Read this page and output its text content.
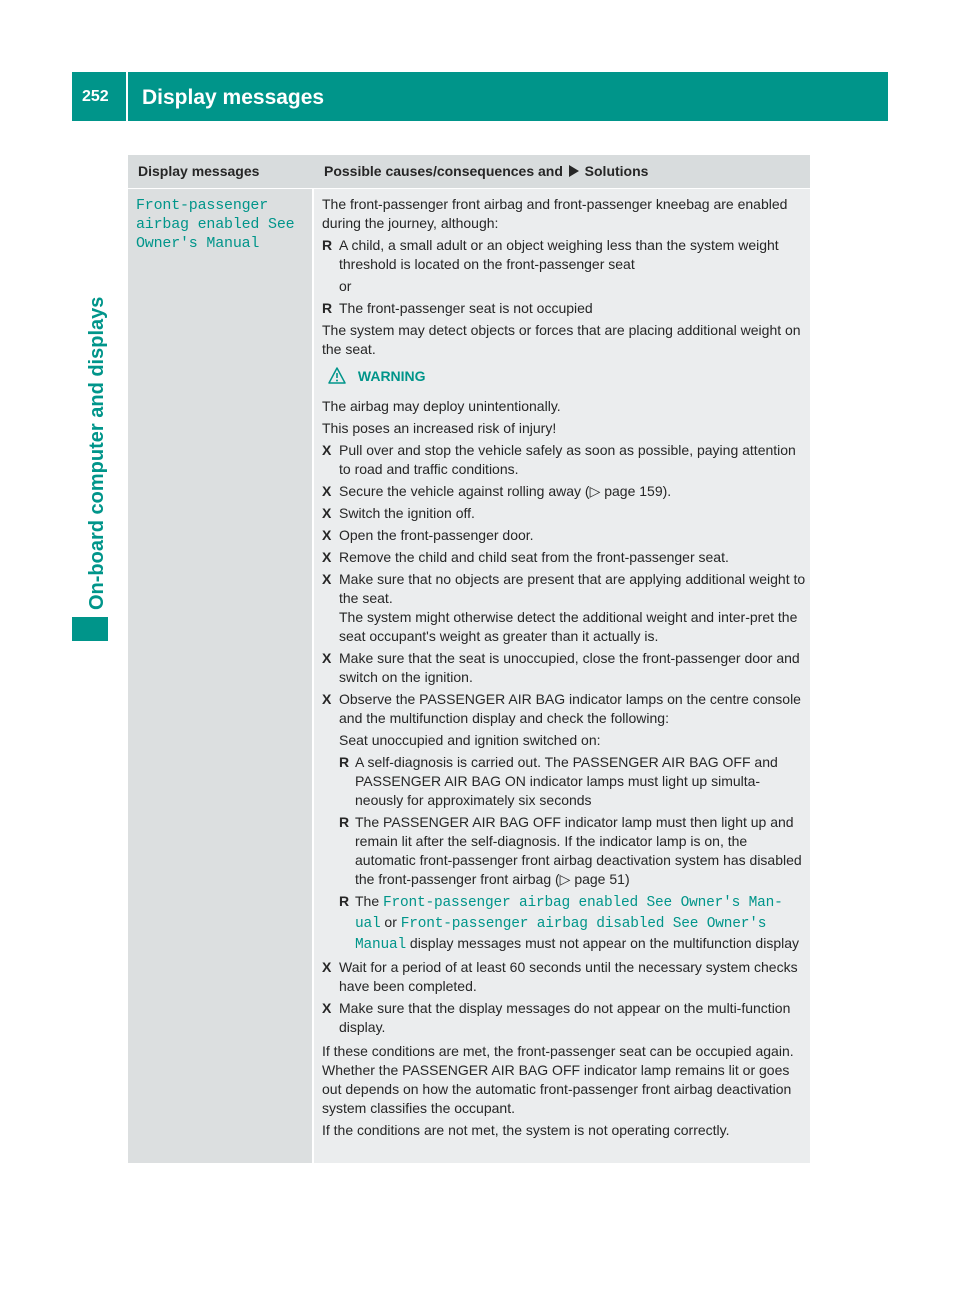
252 Display messages
On-board computer and displays
Display messages	Possible causes/consequences and Solutions
Front-passenger
airbag enabled See
Owner's Manual

The front-passenger front airbag and front-passenger kneebag are enabled during the journey, although:

R A child, a small adult or an object weighing less than the system weight threshold is located on the front-passenger seat
or
R The front-passenger seat is not occupied

The system may detect objects or forces that are placing additional weight on the seat.

WARNING

The airbag may deploy unintentionally.

This poses an increased risk of injury!

X Pull over and stop the vehicle safely as soon as possible, paying attention to road and traffic conditions.
X Secure the vehicle against rolling away (▷ page 159).
X Switch the ignition off.
X Open the front-passenger door.
X Remove the child and child seat from the front-passenger seat.
X Make sure that no objects are present that are applying additional weight to the seat.
The system might otherwise detect the additional weight and inter-pret the seat occupant's weight as greater than it actually is.
X Make sure that the seat is unoccupied, close the front-passenger door and switch on the ignition.
X Observe the PASSENGER AIR BAG indicator lamps on the centre console and the multifunction display and check the following:

Seat unoccupied and ignition switched on:

R A self-diagnosis is carried out. The PASSENGER AIR BAG OFF and PASSENGER AIR BAG ON indicator lamps must light up simulta-neously for approximately six seconds
R The PASSENGER AIR BAG OFF indicator lamp must then light up and remain lit after the self-diagnosis. If the indicator lamp is on, the automatic front-passenger front airbag deactivation system has disabled the front-passenger front airbag (▷ page 51)
R The Front-passenger airbag enabled See Owner's Man-ual or Front-passenger airbag disabled See Owner's Manual display messages must not appear on the multifunction display
X Wait for a period of at least 60 seconds until the necessary system checks have been completed.
X Make sure that the display messages do not appear on the multi-function display.

If these conditions are met, the front-passenger seat can be occupied again. Whether the PASSENGER AIR BAG OFF indicator lamp remains lit or goes out depends on how the automatic front-passenger front airbag deactivation system classifies the occupant.

If the conditions are not met, the system is not operating correctly.
